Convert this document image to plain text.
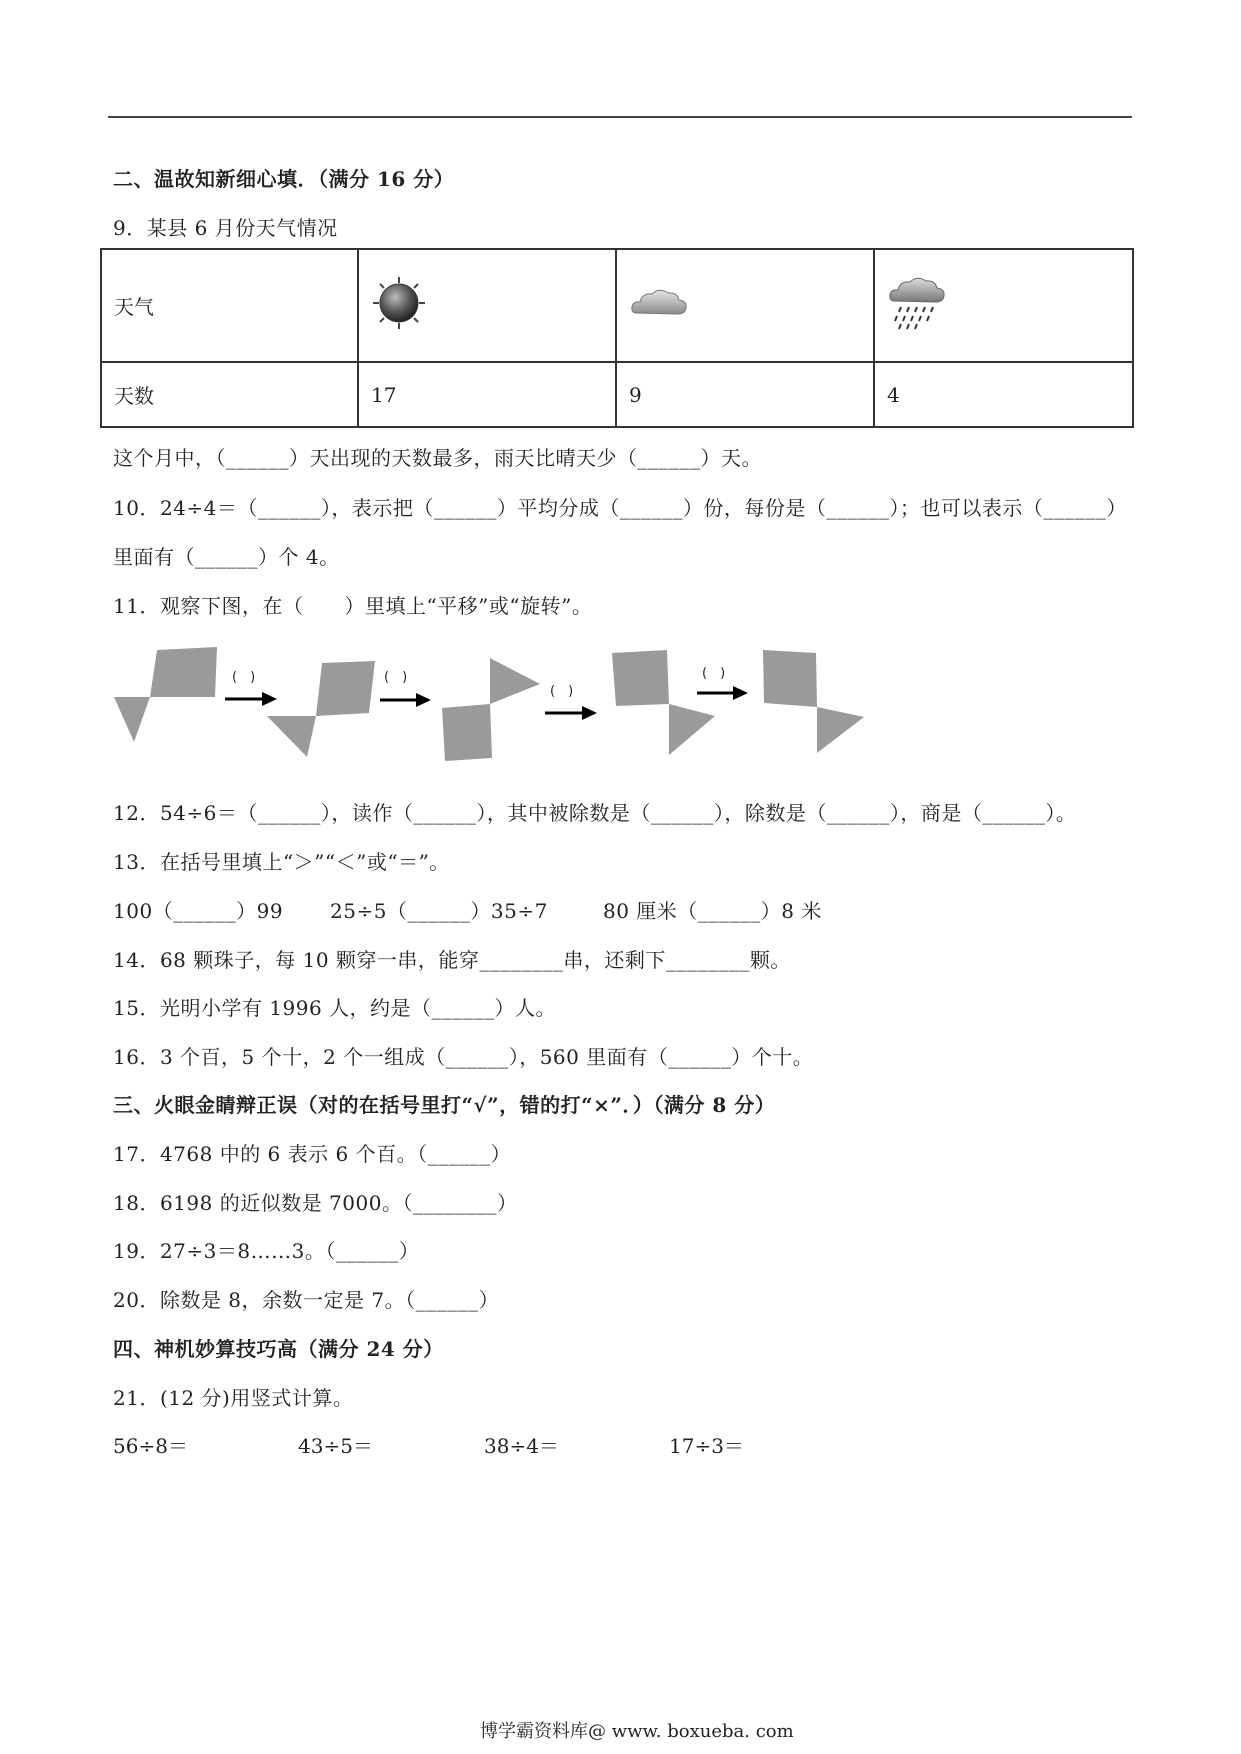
二、温故知新细心填．（满分 16 分）
9．某县 6 月份天气情况
天气			
天数	17	9	4
这个月中，（______）天出现的天数最多，雨天比晴天少（______）天。
10．24÷4＝（______），表示把（______）平均分成（______）份，每份是（______）；也可以表示（______）
里面有（______）个 4。
11．观察下图，在（　　）里填上“平移”或“旋转”。
(　)	(　)
(　)
(　)
12．54÷6＝（______），读作（______），其中被除数是（______），除数是（______），商是（______）。
13．在括号里填上“＞”“＜”或“＝”。
100（______）99 25÷5（______）35÷7	80 厘米（______）8 米
14．68 颗珠子，每 10 颗穿一串，能穿________串，还剩下________颗。
15．光明小学有 1996 人，约是（______）人。
16．3 个百，5 个十，2 个一组成（______），560 里面有（______）个十。
三、火眼金睛辩正误（对的在括号里打“√”，错的打“×”．）（满分 8 分）
17．4768 中的 6 表示 6 个百。（______）
18．6198 的近似数是 7000。（________）
19．27÷3＝8……3。（______）
20．除数是 8，余数一定是 7。（______）
四、神机妙算技巧高（满分 24 分）
21．(12 分)用竖式计算。
56÷8＝	43÷5＝	38÷4＝	17÷3＝
博学霸资料库@ www. boxueba. com
